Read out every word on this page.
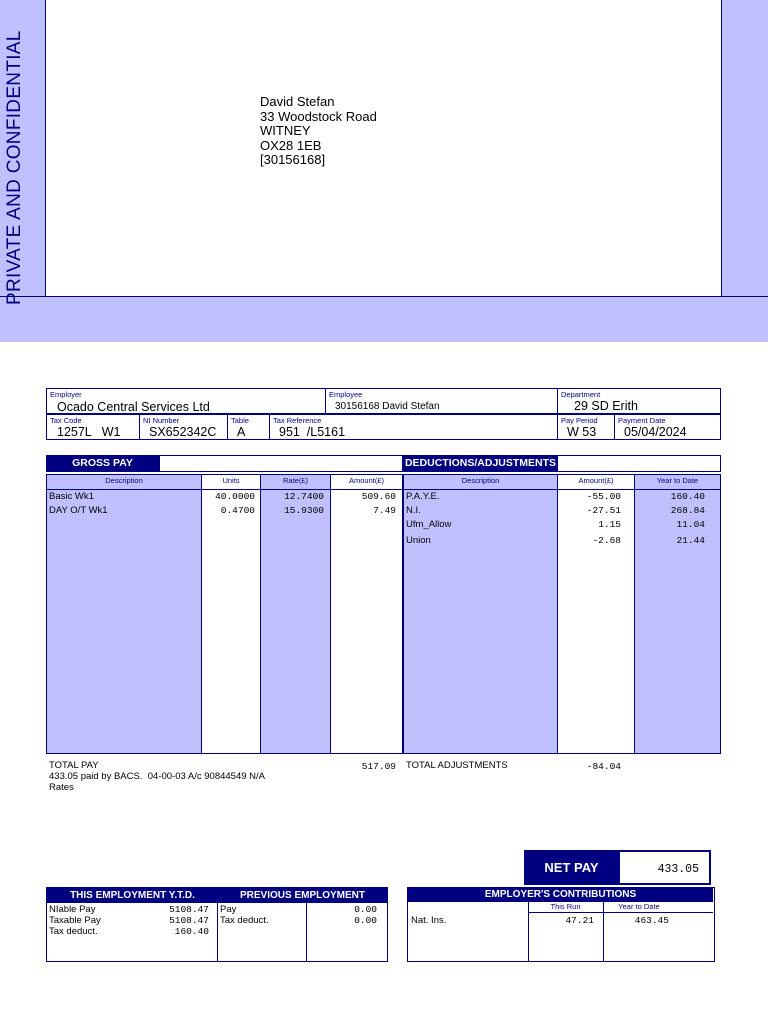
PRIVATE AND CONFIDENTIAL	David Stefan
33 Woodstock Road
WITNEY
OX28 1EB
[30156168]
Employer
Ocado Central Services Ltd
Employee
30156168 David Stefan
Department
29 SD Erith
Tax Code
1257L   W1
NI Number
SX652342C
Table
A
Tax Reference
951  /L5161
Pay Period
W 53
Payment Date
05/04/2024
GROSS PAY	DEDUCTIONS/ADJUSTMENTS
Description	Units	Rate(£)	Amount(£)	Description	Amount(£)	Year to Date
Basic Wk1	40.0000	12.7400	509.60
DAY O/T Wk1	0.4700	15.9300	7.49
P.A.Y.E.	-55.00	160.40
N.I.	-27.51	268.84
Ufm_Allow	1.15	11.04
Union	-2.68	21.44
TOTAL PAY	517.09 TOTAL ADJUSTMENTS	-84.04
433.05 paid by BACS.  04-00-03 A/c 90844549 N/A
Rates
NET PAY	433.05
THIS EMPLOYMENT Y.T.D.	PREVIOUS EMPLOYMENT
NIable Pay	5108.47
Taxable Pay	5108.47
Tax deduct.	160.40
Pay	0.00
Tax deduct.	0.00
EMPLOYER'S CONTRIBUTIONS
This Run	Year to Date
Nat. Ins.	47.21	463.45
